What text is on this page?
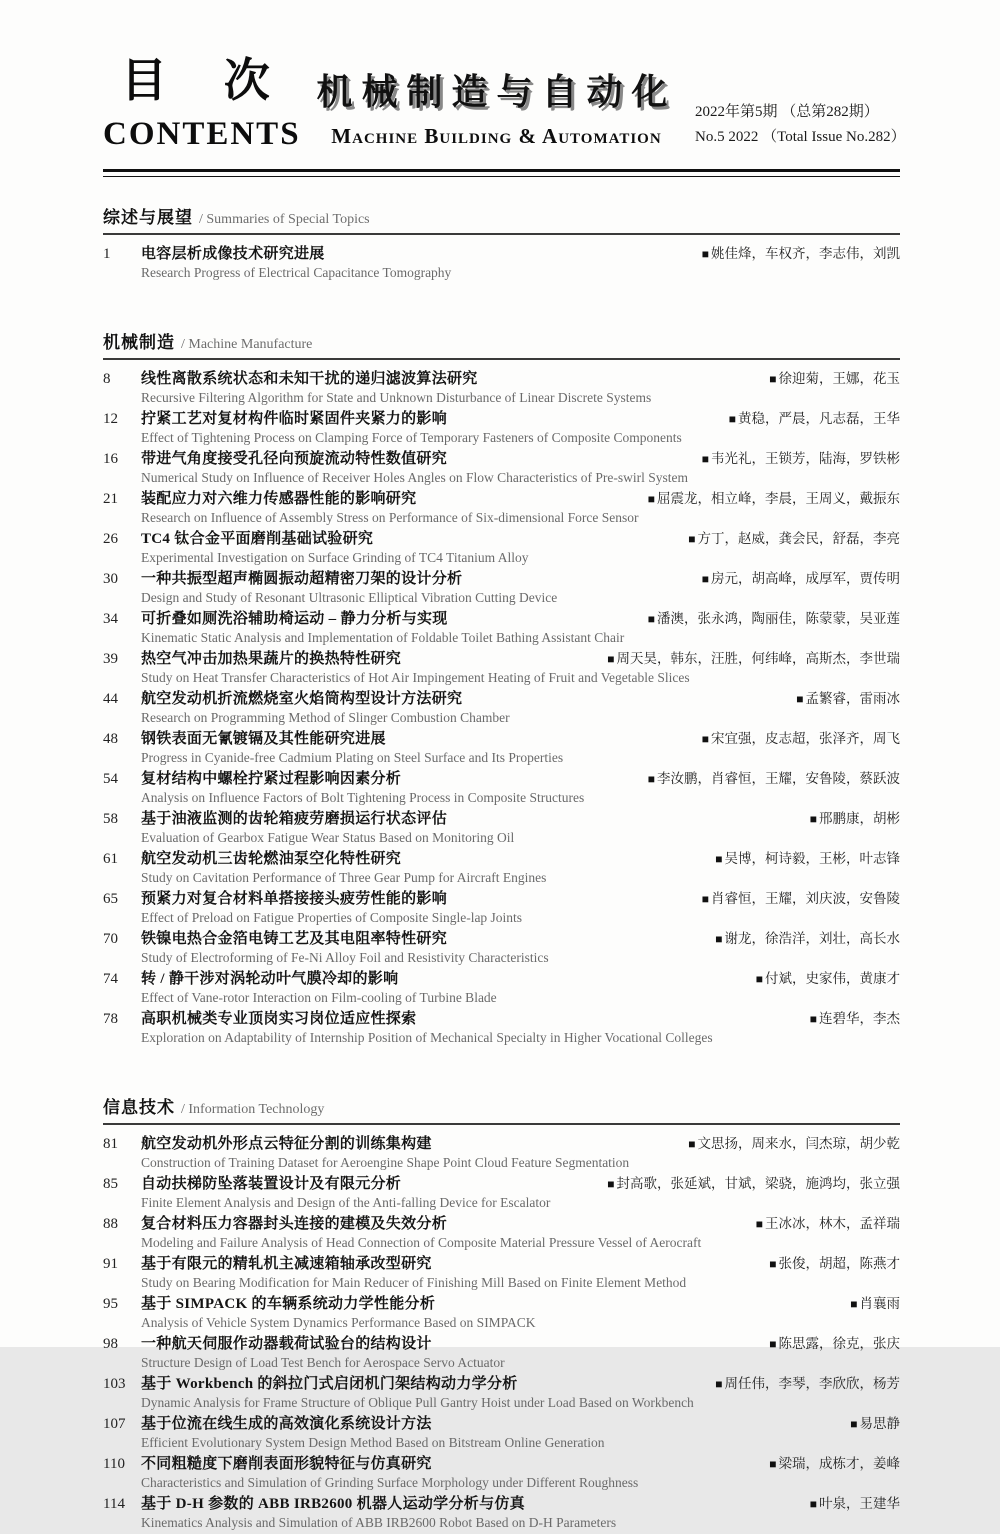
目 次
CONTENTS
机械制造与自动化
Machine Building & Automation
2022年第5期 （总第282期）
No.5 2022 （Total Issue No.282）
综述与展望 / Summaries of Special Topics
1	电容层析成像技术研究进展	■ 姚佳烽，车权齐，李志伟，刘凯
Research Progress of Electrical Capacitance Tomography
机械制造 / Machine Manufacture
8	线性离散系统状态和未知干扰的递归滤波算法研究	■ 徐迎菊，王娜，花玉
Recursive Filtering Algorithm for State and Unknown Disturbance of Linear Discrete Systems
12	拧紧工艺对复材构件临时紧固件夹紧力的影响	■ 黄稳，严晨，凡志磊，王华
Effect of Tightening Process on Clamping Force of Temporary Fasteners of Composite Components
16	带进气角度接受孔径向预旋流动特性数值研究	■ 韦光礼，王锁芳，陆海，罗铁彬
Numerical Study on Influence of Receiver Holes Angles on Flow Characteristics of Pre-swirl System
21	装配应力对六维力传感器性能的影响研究	■ 屈震龙，相立峰，李晨，王周义，戴振东
Research on Influence of Assembly Stress on Performance of Six-dimensional Force Sensor
26	TC4 钛合金平面磨削基础试验研究	■ 方丁，赵威，龚会民，舒磊，李亮
Experimental Investigation on Surface Grinding of TC4 Titanium Alloy
30	一种共振型超声椭圆振动超精密刀架的设计分析	■ 房元，胡高峰，成厚军，贾传明
Design and Study of Resonant Ultrasonic Elliptical Vibration Cutting Device
34	可折叠如厕洗浴辅助椅运动 – 静力分析与实现	■ 潘澳，张永鸿，陶丽佳，陈蒙蒙，吴亚莲
Kinematic Static Analysis and Implementation of Foldable Toilet Bathing Assistant Chair
39	热空气冲击加热果蔬片的换热特性研究	■ 周天昊，韩东，汪胜，何纬峰，高斯杰，李世瑞
Study on Heat Transfer Characteristics of Hot Air Impingement Heating of Fruit and Vegetable Slices
44	航空发动机折流燃烧室火焰筒构型设计方法研究	■ 孟繁睿，雷雨冰
Research on Programming Method of Slinger Combustion Chamber
48	钢铁表面无氰镀镉及其性能研究进展	■ 宋宜强，皮志超，张泽齐，周飞
Progress in Cyanide-free Cadmium Plating on Steel Surface and Its Properties
54	复材结构中螺栓拧紧过程影响因素分析	■ 李汝鹏，肖睿恒，王耀，安鲁陵，蔡跃波
Analysis on Influence Factors of Bolt Tightening Process in Composite Structures
58	基于油液监测的齿轮箱疲劳磨损运行状态评估	■ 邢鹏康，胡彬
Evaluation of Gearbox Fatigue Wear Status Based on Monitoring Oil
61	航空发动机三齿轮燃油泵空化特性研究	■ 吴博，柯诗毅，王彬，叶志锋
Study on Cavitation Performance of Three Gear Pump for Aircraft Engines
65	预紧力对复合材料单搭接接头疲劳性能的影响	■ 肖睿恒，王耀，刘庆波，安鲁陵
Effect of Preload on Fatigue Properties of Composite Single-lap Joints
70	铁镍电热合金箔电铸工艺及其电阻率特性研究	■ 谢龙，徐浩洋，刘壮，高长水
Study of Electroforming of Fe-Ni Alloy Foil and Resistivity Characteristics
74	转 / 静干涉对涡轮动叶气膜冷却的影响	■ 付斌，史家伟，黄康才
Effect of Vane-rotor Interaction on Film-cooling of Turbine Blade
78	高职机械类专业顶岗实习岗位适应性探索	■ 连碧华，李杰
Exploration on Adaptability of Internship Position of Mechanical Specialty in Higher Vocational Colleges
信息技术 / Information Technology
81	航空发动机外形点云特征分割的训练集构建	■ 文思扬，周来水，闫杰琼，胡少乾
Construction of Training Dataset for Aeroengine Shape Point Cloud Feature Segmentation
85	自动扶梯防坠落装置设计及有限元分析	■ 封高歌，张延斌，甘斌，梁骁，施鸿均，张立强
Finite Element Analysis and Design of the Anti-falling Device for Escalator
88	复合材料压力容器封头连接的建模及失效分析	■ 王冰冰，林木，孟祥瑞
Modeling and Failure Analysis of Head Connection of Composite Material Pressure Vessel of Aerocraft
91	基于有限元的精轧机主减速箱轴承改型研究	■ 张俊，胡超，陈燕才
Study on Bearing Modification for Main Reducer of Finishing Mill Based on Finite Element Method
95	基于 SIMPACK 的车辆系统动力学性能分析	■ 肖襄雨
Analysis of Vehicle System Dynamics Performance Based on SIMPACK
98	一种航天伺服作动器载荷试验台的结构设计	■ 陈思露，徐克，张庆
Structure Design of Load Test Bench for Aerospace Servo Actuator
103	基于 Workbench 的斜拉门式启闭机门架结构动力学分析	■ 周任伟，李琴，李欣欣，杨芳
Dynamic Analysis for Frame Structure of Oblique Pull Gantry Hoist under Load Based on Workbench
107	基于位流在线生成的高效演化系统设计方法	■ 易思静
Efficient Evolutionary System Design Method Based on Bitstream Online Generation
110	不同粗糙度下磨削表面形貌特征与仿真研究	■ 梁瑞，成栋才，姜峰
Characteristics and Simulation of Grinding Surface Morphology under Different Roughness
114	基于 D-H 参数的 ABB IRB2600 机器人运动学分析与仿真	■ 叶泉，王建华
Kinematics Analysis and Simulation of ABB IRB2600 Robot Based on D-H Parameters
